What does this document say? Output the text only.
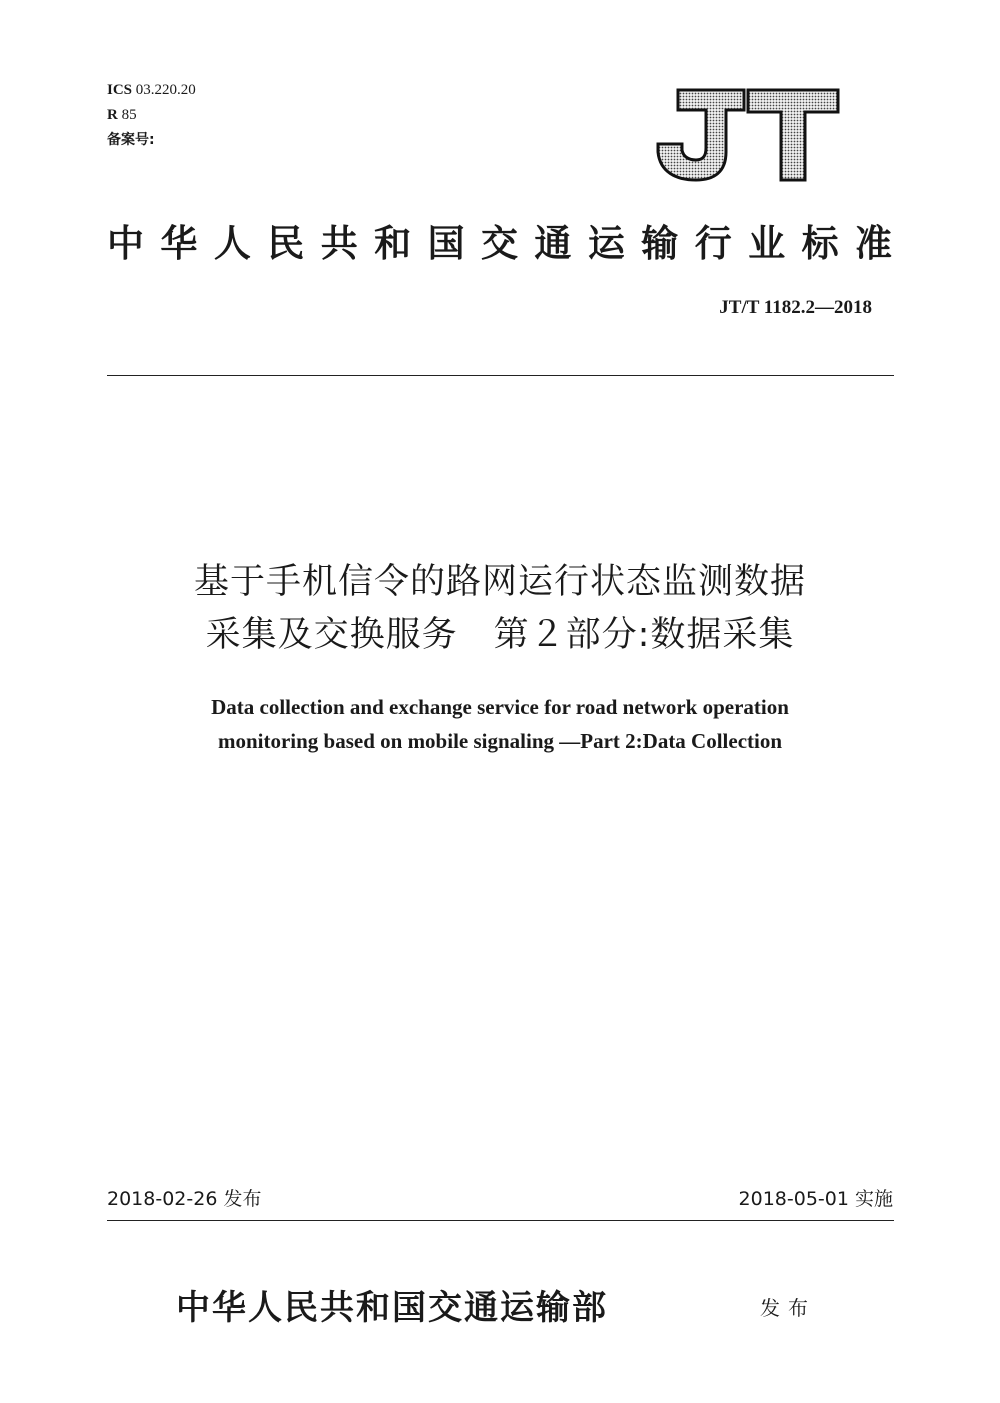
ICS 03.220.20
R 85
备案号:
中华人民共和国交通运输行业标准
JT/T 1182.2—2018
基于手机信令的路网运行状态监测数据
采集及交换服务　第２部分:数据采集
Data collection and exchange service for road network operation
monitoring based on mobile signaling —Part 2:Data Collection
2018-02-26 发布	2018-05-01 实施
中华人民共和国交通运输部	发布
